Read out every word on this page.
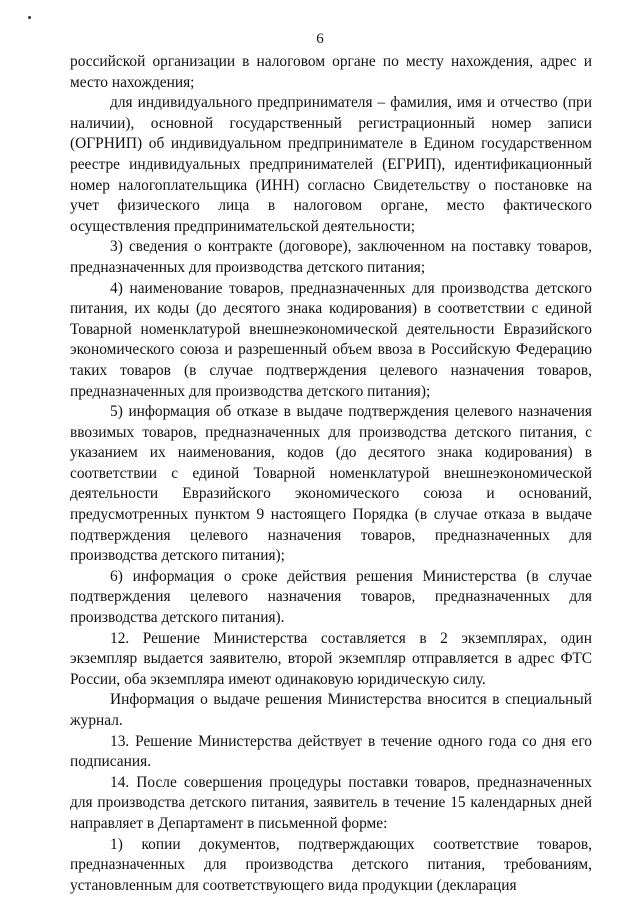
6

российской организации в налоговом органе по месту нахождения, адрес и место нахождения;

для индивидуального предпринимателя – фамилия, имя и отчество (при наличии), основной государственный регистрационный номер записи (ОГРНИП) об индивидуальном предпринимателе в Едином государственном реестре индивидуальных предпринимателей (ЕГРИП), идентификационный номер налогоплательщика (ИНН) согласно Свидетельству о постановке на учет физического лица в налоговом органе, место фактического осуществления предпринимательской деятельности;

3) сведения о контракте (договоре), заключенном на поставку товаров, предназначенных для производства детского питания;

4) наименование товаров, предназначенных для производства детского питания, их коды (до десятого знака кодирования) в соответствии с единой Товарной номенклатурой внешнеэкономической деятельности Евразийского экономического союза и разрешенный объем ввоза в Российскую Федерацию таких товаров (в случае подтверждения целевого назначения товаров, предназначенных для производства детского питания);

5) информация об отказе в выдаче подтверждения целевого назначения ввозимых товаров, предназначенных для производства детского питания, с указанием их наименования, кодов (до десятого знака кодирования) в соответствии с единой Товарной номенклатурой внешнеэкономической деятельности Евразийского экономического союза и оснований, предусмотренных пунктом 9 настоящего Порядка (в случае отказа в выдаче подтверждения целевого назначения товаров, предназначенных для производства детского питания);

6) информация о сроке действия решения Министерства (в случае подтверждения целевого назначения товаров, предназначенных для производства детского питания).

12. Решение Министерства составляется в 2 экземплярах, один экземпляр выдается заявителю, второй экземпляр отправляется в адрес ФТС России, оба экземпляра имеют одинаковую юридическую силу.

Информация о выдаче решения Министерства вносится в специальный журнал.

13. Решение Министерства действует в течение одного года со дня его подписания.

14. После совершения процедуры поставки товаров, предназначенных для производства детского питания, заявитель в течение 15 календарных дней направляет в Департамент в письменной форме:

1) копии документов, подтверждающих соответствие товаров, предназначенных для производства детского питания, требованиям, установленным для соответствующего вида продукции (декларация
